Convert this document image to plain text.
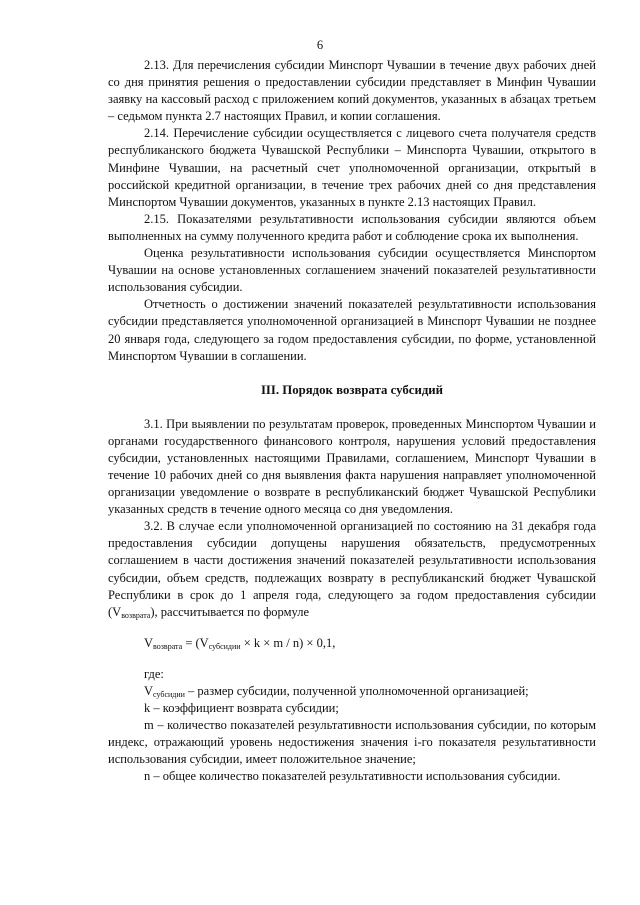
6

2.13. Для перечисления субсидии Минспорт Чувашии в течение двух рабочих дней со дня принятия решения о предоставлении субсидии представляет в Минфин Чувашии заявку на кассовый расход с приложением копий документов, указанных в абзацах третьем – седьмом пункта 2.7 настоящих Правил, и копии соглашения.

2.14. Перечисление субсидии осуществляется с лицевого счета получателя средств республиканского бюджета Чувашской Республики – Минспорта Чувашии, открытого в Минфине Чувашии, на расчетный счет уполномоченной организации, открытый в российской кредитной организации, в течение трех рабочих дней со дня представления Минспортом Чувашии документов, указанных в пункте 2.13 настоящих Правил.

2.15. Показателями результативности использования субсидии являются объем выполненных на сумму полученного кредита работ и соблюдение срока их выполнения.

Оценка результативности использования субсидии осуществляется Минспортом Чувашии на основе установленных соглашением значений показателей результативности использования субсидии.

Отчетность о достижении значений показателей результативности использования субсидии представляется уполномоченной организацией в Минспорт Чувашии не позднее 20 января года, следующего за годом предоставления субсидии, по форме, установленной Минспортом Чувашии в соглашении.

III. Порядок возврата субсидий

3.1. При выявлении по результатам проверок, проведенных Минспортом Чувашии и органами государственного финансового контроля, нарушения условий предоставления субсидии, установленных настоящими Правилами, соглашением, Минспорт Чувашии в течение 10 рабочих дней со дня выявления факта нарушения направляет уполномоченной организации уведомление о возврате в республиканский бюджет Чувашской Республики указанных средств в течение одного месяца со дня уведомления.

3.2. В случае если уполномоченной организацией по состоянию на 31 декабря года предоставления субсидии допущены нарушения обязательств, предусмотренных соглашением в части достижения значений показателей результативности использования субсидии, объем средств, подлежащих возврату в республиканский бюджет Чувашской Республики в срок до 1 апреля года, следующего за годом предоставления субсидии $(V_{возврата})$, рассчитывается по формуле

$V_{возврата} = (V_{субсидии} \times k \times m / n) \times 0,1$,

где:

$V_{субсидии}$ – размер субсидии, полученной уполномоченной организацией;

k – коэффициент возврата субсидии;

m – количество показателей результативности использования субсидии, по которым индекс, отражающий уровень недостижения значения i-го показателя результативности использования субсидии, имеет положительное значение;

n – общее количество показателей результативности использования субсидии.
